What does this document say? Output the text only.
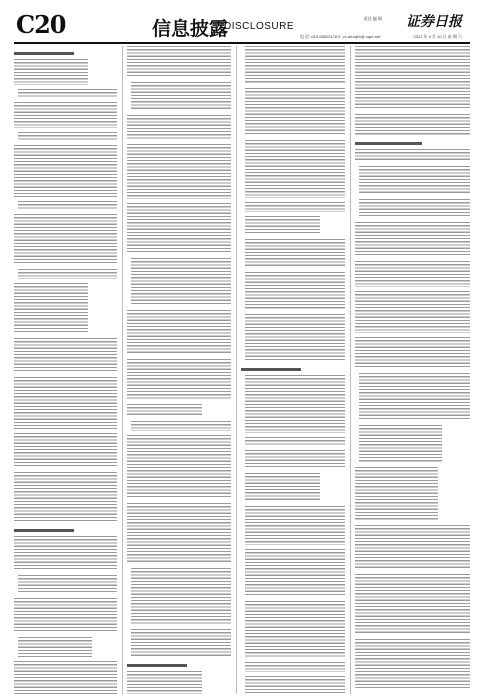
C20	信息披露
DISCLOSURE
责任 编 辑
电 话 :010-65520178 E -m ail:zqrb@ zqrb.net	2021 年 4 月 10 日 星 期 六
证券日报
